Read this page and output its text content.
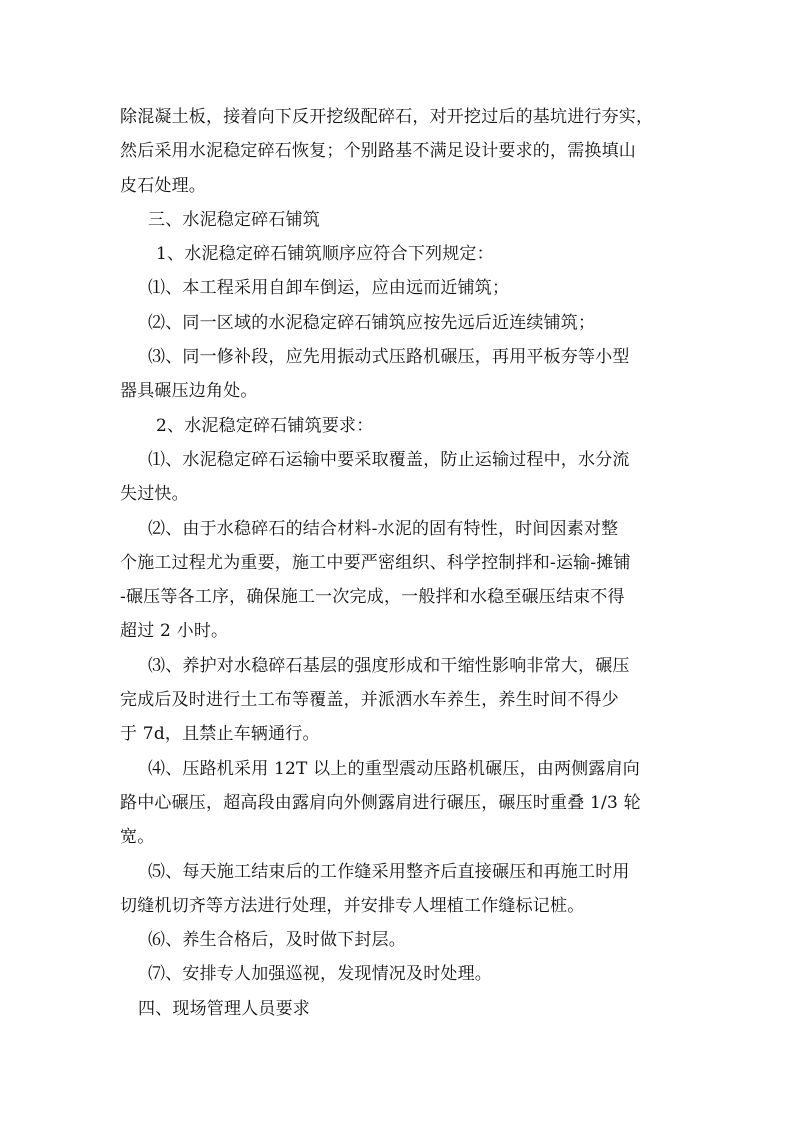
除混凝土板，接着向下反开挖级配碎石，对开挖过后的基坑进行夯实，
然后采用水泥稳定碎石恢复；个别路基不满足设计要求的，需换填山
皮石处理。
三、水泥稳定碎石铺筑
1、水泥稳定碎石铺筑顺序应符合下列规定：
⑴、本工程采用自卸车倒运，应由远而近铺筑；
⑵、同一区域的水泥稳定碎石铺筑应按先远后近连续铺筑；
⑶、同一修补段，应先用振动式压路机碾压，再用平板夯等小型
器具碾压边角处。
2、水泥稳定碎石铺筑要求：
⑴、水泥稳定碎石运输中要采取覆盖，防止运输过程中，水分流
失过快。
⑵、由于水稳碎石的结合材料-水泥的固有特性，时间因素对整
个施工过程尤为重要，施工中要严密组织、科学控制拌和-运输-摊铺
-碾压等各工序，确保施工一次完成，一般拌和水稳至碾压结束不得
超过 2 小时。
⑶、养护对水稳碎石基层的强度形成和干缩性影响非常大，碾压
完成后及时进行土工布等覆盖，并派洒水车养生，养生时间不得少
于 7d，且禁止车辆通行。
⑷、压路机采用 12T 以上的重型震动压路机碾压，由两侧露肩向
路中心碾压，超高段由露肩向外侧露肩进行碾压，碾压时重叠 1/3 轮
宽。
⑸、每天施工结束后的工作缝采用整齐后直接碾压和再施工时用
切缝机切齐等方法进行处理，并安排专人埋植工作缝标记桩。
⑹、养生合格后，及时做下封层。
⑺、安排专人加强巡视，发现情况及时处理。
四、现场管理人员要求
